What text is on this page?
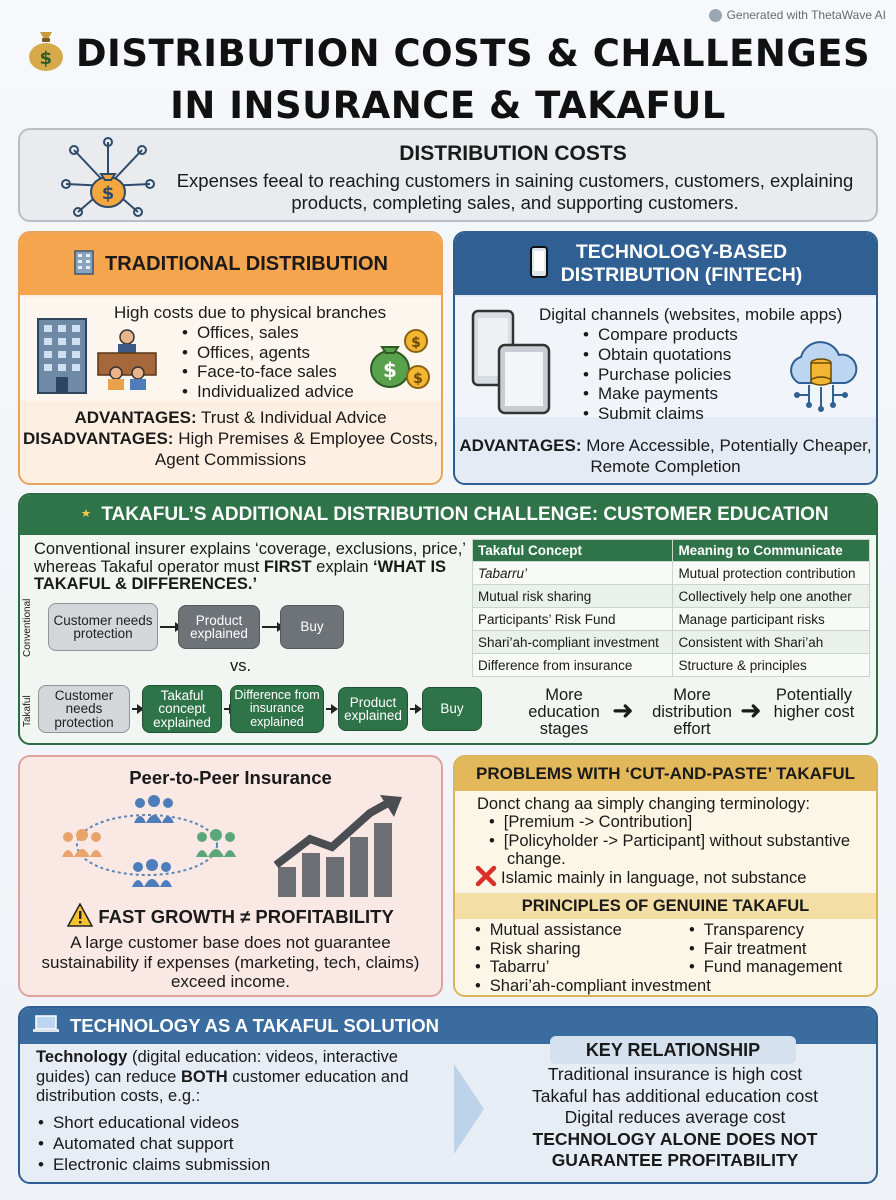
Generated with ThetaWave AI
$ DISTRIBUTION COSTS & CHALLENGES
IN INSURANCE & TAKAFUL
$
DISTRIBUTION COSTS
Expenses feeal to reaching customers in saining customerѕ, customers, explaining products, completing sales, and supporting customers.
TRADITIONAL DISTRIBUTION
High costs due to physical branches
• Offices, sales
• Offices, agents
• Face-to-face sales
• Individualized advice
$
$
$
ADVANTAGES: Trust & Individual Advice
DISADVANTAGES: High Premises & Employee Costs, Agent Commissions
TECHNOLOGY-BASED
DISTRIBUTION (FINTECH)
Digital channels (websites, mobile apps)
• Compare products
• Obtain quotations
• Purchase policies
• Make payments
• Submit claims
ADVANTAGES: More Accessible, Potentially Cheaper, Remote Completion
TAKAFUL’S ADDITIONAL DISTRIBUTION CHALLENGE: CUSTOMER EDUCATION
Conventional insurer explains ‘coverage, exclusions, price,’ whereas Takaful operator must FIRST explain ‘WHAT IS TAKAFUL & DIFFERENCES.’
Conventional	Customer needs protection
Product explained	Buy
vs.
Takaful
Customer needs protection
Takaful concept explained
Difference from insurance explained
Product explained	Buy
Takaful Concept	Meaning to Communicate
Tabarru’	Mutual protection contribution
Mutual risk sharing	Collectively help one another
Participants’ Risk Fund	Manage participant risks
Shari’ah-compliant investment	Consistent with Shari’ah
Difference from insurance	Structure & principles
More education stages
➜	More distribution effort
➜ Potentially higher cost
Peer-to-Peer Insurance
FAST GROWTH ≠ PROFITABILITY
A large customer base does not guarantee sustainability if expenses (marketing, tech, claims) exceed income.
PROBLEMS WITH ‘CUT-AND-PASTE’ TAKAFUL
Donct chang aa simply changing terminology:
• [Premium -> Contribution]
• [Policyholder -> Participant] without substantive change.
Islamic mainly in language, not substance
PRINCIPLES OF GENUINE TAKAFUL
• Mutual assistance
• Risk sharing
• Tabarru’
• Shari’ah-compliant investment
• Transparency
• Fair treatment
• Fund management
TECHNOLOGY AS A TAKAFUL SOLUTION
Technology (digital education: videos, interactive guides) can reduce BOTH customer education and distribution costs, e.g.:
• Short educational videos
• Automated chat support
• Electronic claims submission
KEY RELATIONSHIP
Traditional insurance is high cost
Takaful has additional education cost
Digital reduces average cost
TECHNOLOGY ALONE DOES NOT
GUARANTEE PROFITABILITY
